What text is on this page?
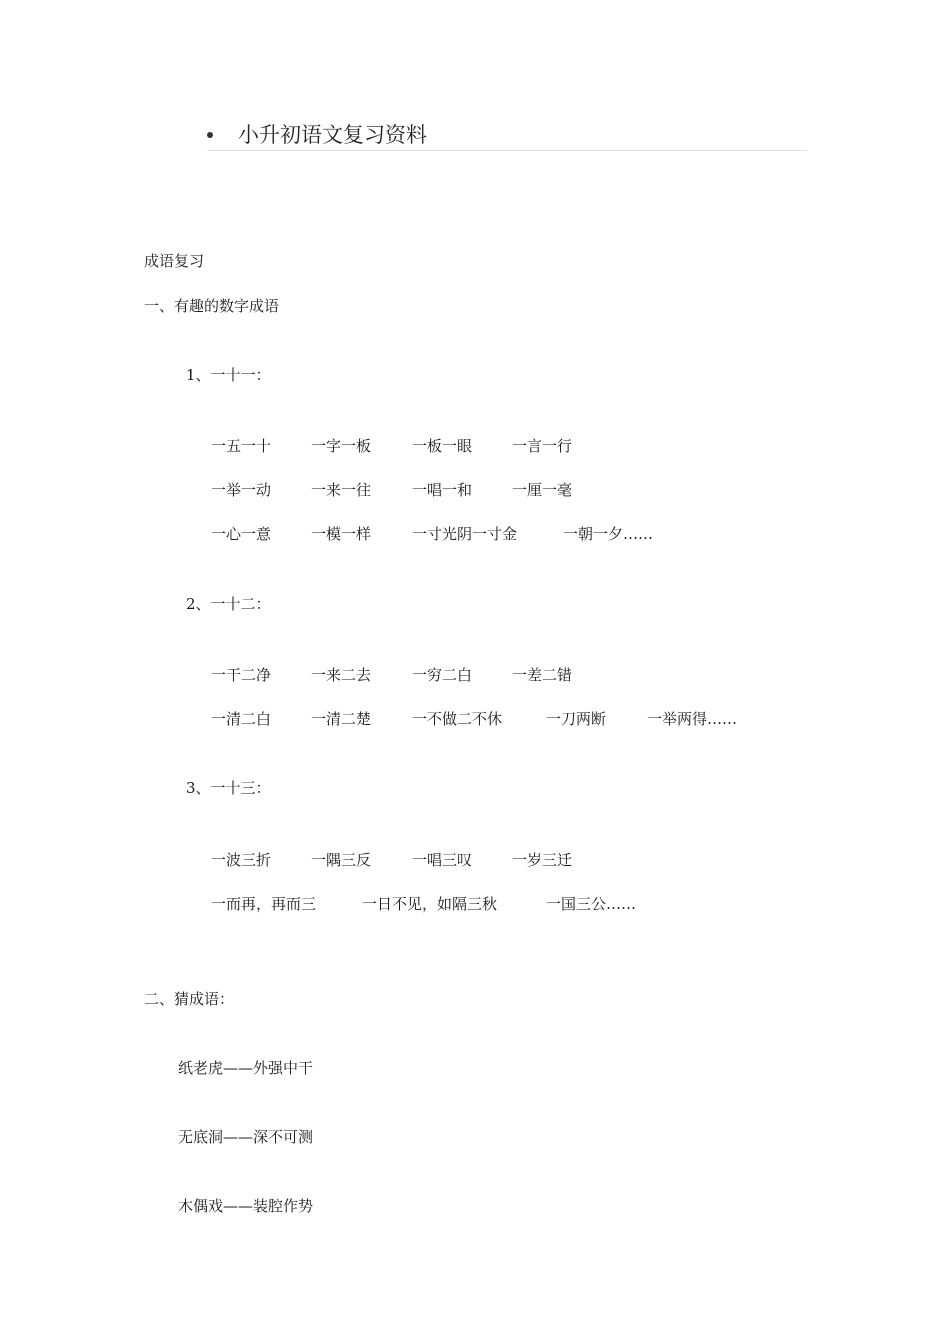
小升初语文复习资料
成语复习
一、有趣的数字成语
1、一十一：
一五一十	一字一板	一板一眼	一言一行
一举一动	一来一往	一唱一和	一厘一毫
一心一意	一模一样	一寸光阴一寸金	一朝一夕……
2、一十二：
一干二净	一来二去	一穷二白	一差二错
一清二白	一清二楚	一不做二不休	一刀两断	一举两得……
3、一十三：
一波三折	一隅三反	一唱三叹	一岁三迁
一而再，再而三	一日不见，如隔三秋	一国三公……
二、猜成语：
纸老虎——外强中干
无底洞——深不可测
木偶戏——装腔作势
